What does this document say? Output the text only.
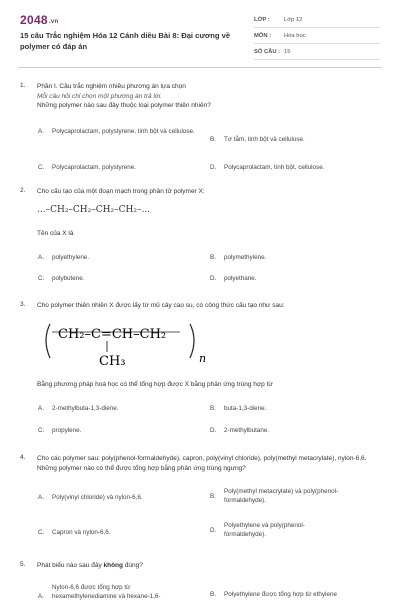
2048.vn
15 câu Trắc nghiệm Hóa 12 Cánh diều Bài 8: Đại cương về polymer có đáp án
LỚP : Lớp 12
MÔN : Hóa học
SỐ CÂU : 15
1. Phần I. Câu trắc nghiệm nhiều phương án lựa chọn
Mỗi câu hỏi chỉ chọn một phương án trả lời.
Những polymer nào sau đây thuộc loại polymer thiên nhiên?
A. Polycaprolactam, polystyrene, tinh bột và cellulose.
B. Tơ tằm, tinh bột và cellulose.
C. Polycaprolactam, polystyrene.	D. Polycaprolactam, tinh bột, cellulose.
2. Cho cấu tạo của một đoạn mạch trong phân tử polymer X:
...–CH₂–CH₂–CH₂–CH₂–...
Tên của X là
A. polyethylene.	B. polymethylene.
C. polybutene.	D. polyethane.
3. Cho polymer thiên nhiên X được lấy từ mủ cây cao su, có công thức cấu tạo như sau:
CH₂–C=CH–CH₂
CH₃	n
Bằng phương pháp hoá học có thể tổng hợp được X bằng phản ứng trùng hợp từ
A. 2-methylbuta-1,3-diene.	B. buta-1,3-diene.
C. propylene.	D. 2-methylbutane.
4. Cho các polymer sau: poly(phenol-formaldehyde), capron, poly(vinyl chloride), poly(methyl metacrylate), nylon-6,6. Những polymer nào có thể được tổng hợp bằng phản ứng trùng ngưng?
A. Poly(vinyl chloride) và nylon-6,6.	B.
Poly(methyl metacrylate) và poly(phenol-formaldehyde).
C. Capron và nylon-6,6.	D.
Polyethylene và poly(phenol-formaldehyde).
5. Phát biểu nào sau đây không đúng?
A.
Nylon-6,6 được tổng hợp từ hexamethylenediamine và hexane-1,6-	B. Polyethylene được tổng hợp từ ethylene
